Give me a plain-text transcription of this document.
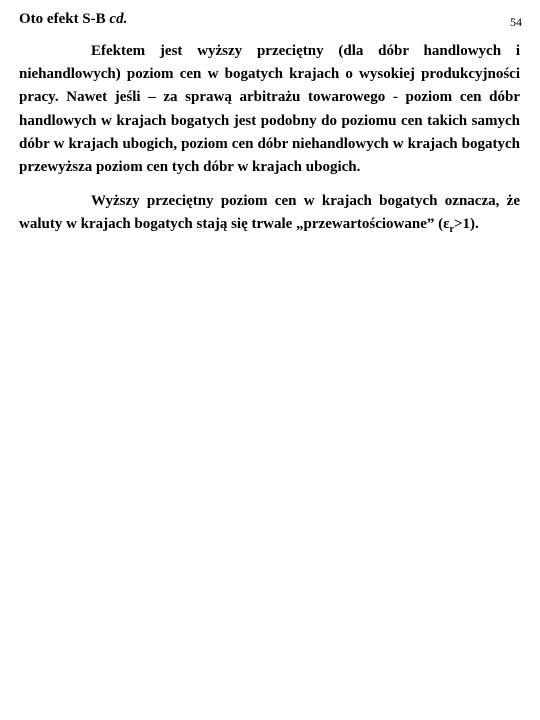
Oto efekt S-B cd.	54

Efektem jest wyższy przeciętny (dla dóbr handlowych i niehandlowych) poziom cen w bogatych krajach o wysokiej produkcyjności pracy. Nawet jeśli – za sprawą arbitrażu towarowego - poziom cen dóbr handlowych w krajach bogatych jest podobny do poziomu cen takich samych dóbr w krajach ubogich, poziom cen dóbr niehandlowych w krajach bogatych przewyższa poziom cen tych dóbr w krajach ubogich.

Wyższy przeciętny poziom cen w krajach bogatych oznacza, że waluty w krajach bogatych stają się trwale „przewartościowane” $(\varepsilon_r>1)$.
